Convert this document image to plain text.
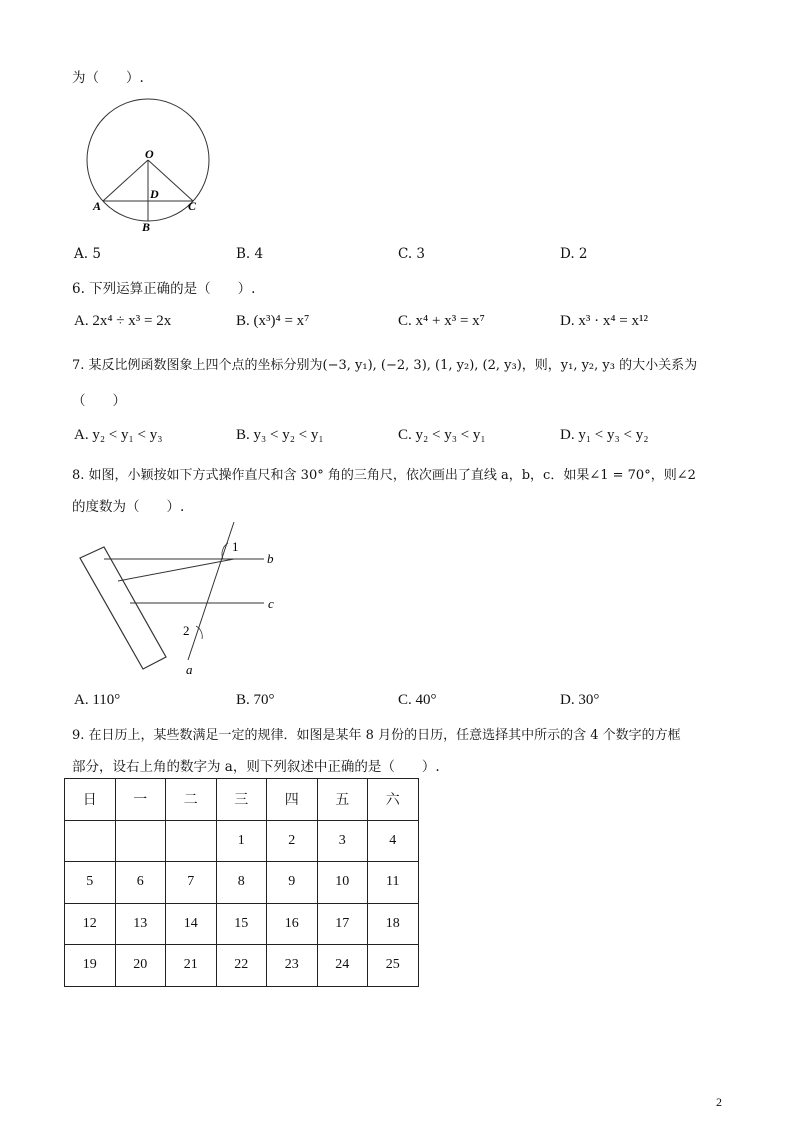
为（　　）.
O
D
A
B
C
A. 5	B. 4	C. 3	D. 2
6. 下列运算正确的是（　　）.
A. 2x⁴ ÷ x³ = 2x	B. (x³)⁴ = x⁷	C. x⁴ + x³ = x⁷	D. x³ · x⁴ = x¹²
7. 某反比例函数图象上四个点的坐标分别为(−3, y₁), (−2, 3), (1, y₂), (2, y₃)，则，y₁, y₂, y₃ 的大小关系为
（　　）
A. y₂ < y₁ < y₃	B. y₃ < y₂ < y₁	C. y₂ < y₃ < y₁	D. y₁ < y₃ < y₂
8. 如图，小颖按如下方式操作直尺和含 30° 角的三角尺，依次画出了直线 a，b，c．如果∠1 = 70°，则∠2
的度数为（　　）.
1
2
b
c
a
A. 110°	B. 70°	C. 40°	D. 30°
9. 在日历上，某些数满足一定的规律．如图是某年 8 月份的日历，任意选择其中所示的含 4 个数字的方框
部分，设右上角的数字为 a，则下列叙述中正确的是（　　）.
日	一	二	三	四	五	六
			1	2	3	4
5	6	7	8	9	10	11
12	13	14	15	16	17	18
19	20	21	22	23	24	25
2
